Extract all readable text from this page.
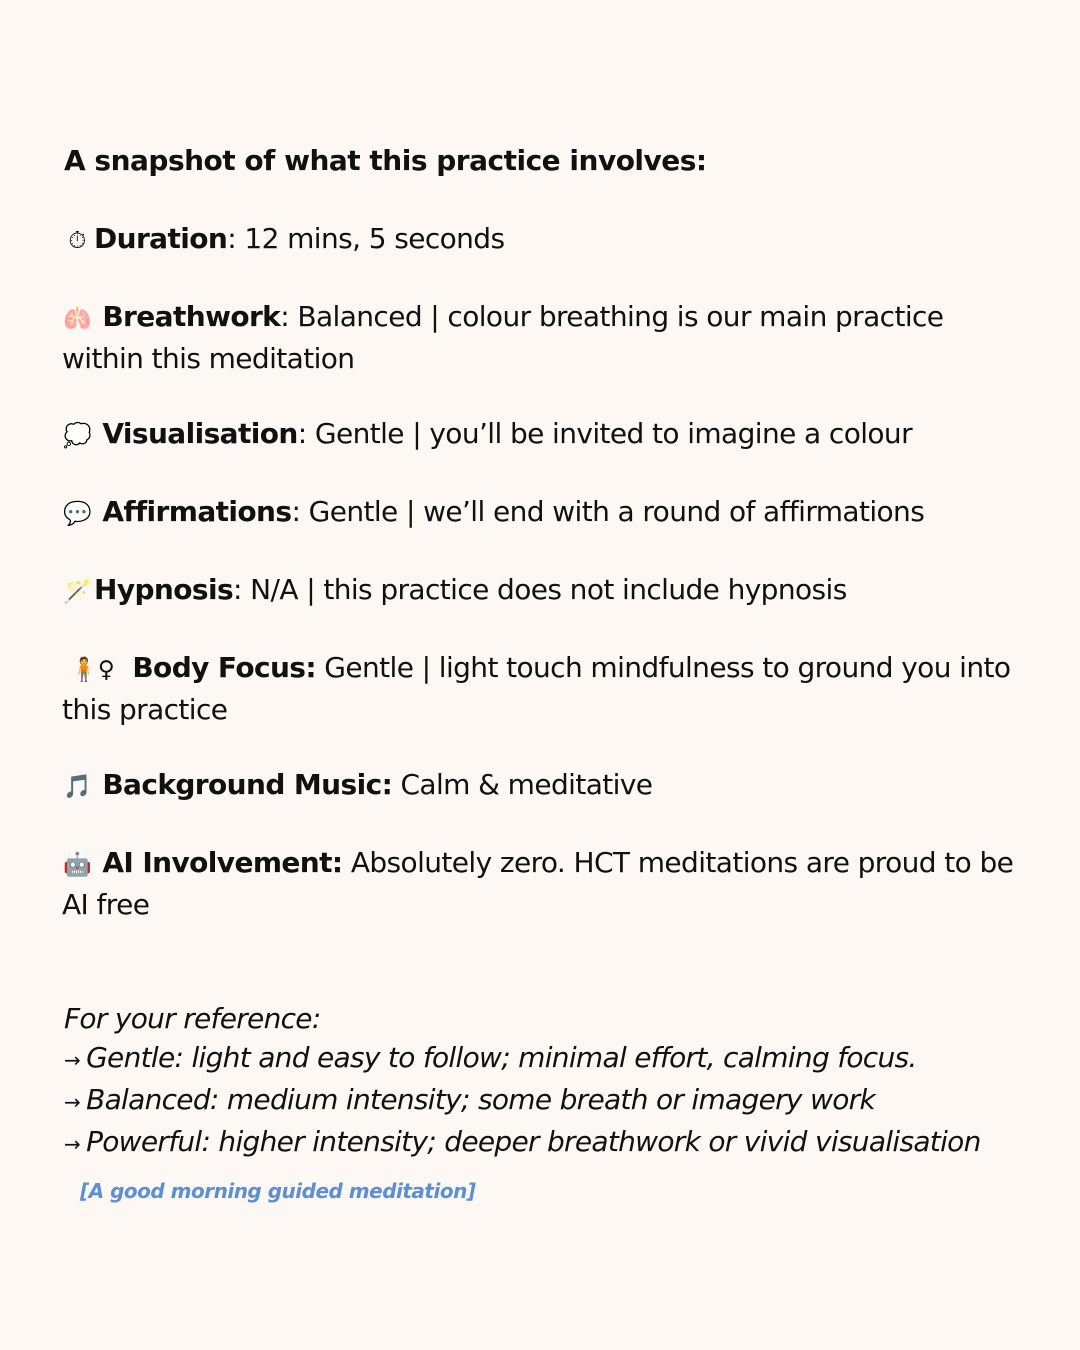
A snapshot of what this practice involves:
⏱ Duration: 12 mins, 5 seconds
🫁 Breathwork: Balanced | colour breathing is our main practice within this meditation
💭 Visualisation: Gentle | you’ll be invited to imagine a colour
💬 Affirmations: Gentle | we’ll end with a round of affirmations
🪄 Hypnosis: N/A | this practice does not include hypnosis
🧍♀ Body Focus: Gentle | light touch mindfulness to ground you into this practice
🎵 Background Music: Calm & meditative
🤖 AI Involvement: Absolutely zero. HCT meditations are proud to be AI free
For your reference:
→ Gentle: light and easy to follow; minimal effort, calming focus.
→ Balanced: medium intensity; some breath or imagery work
→ Powerful: higher intensity; deeper breathwork or vivid visualisation
[A good morning guided meditation]
